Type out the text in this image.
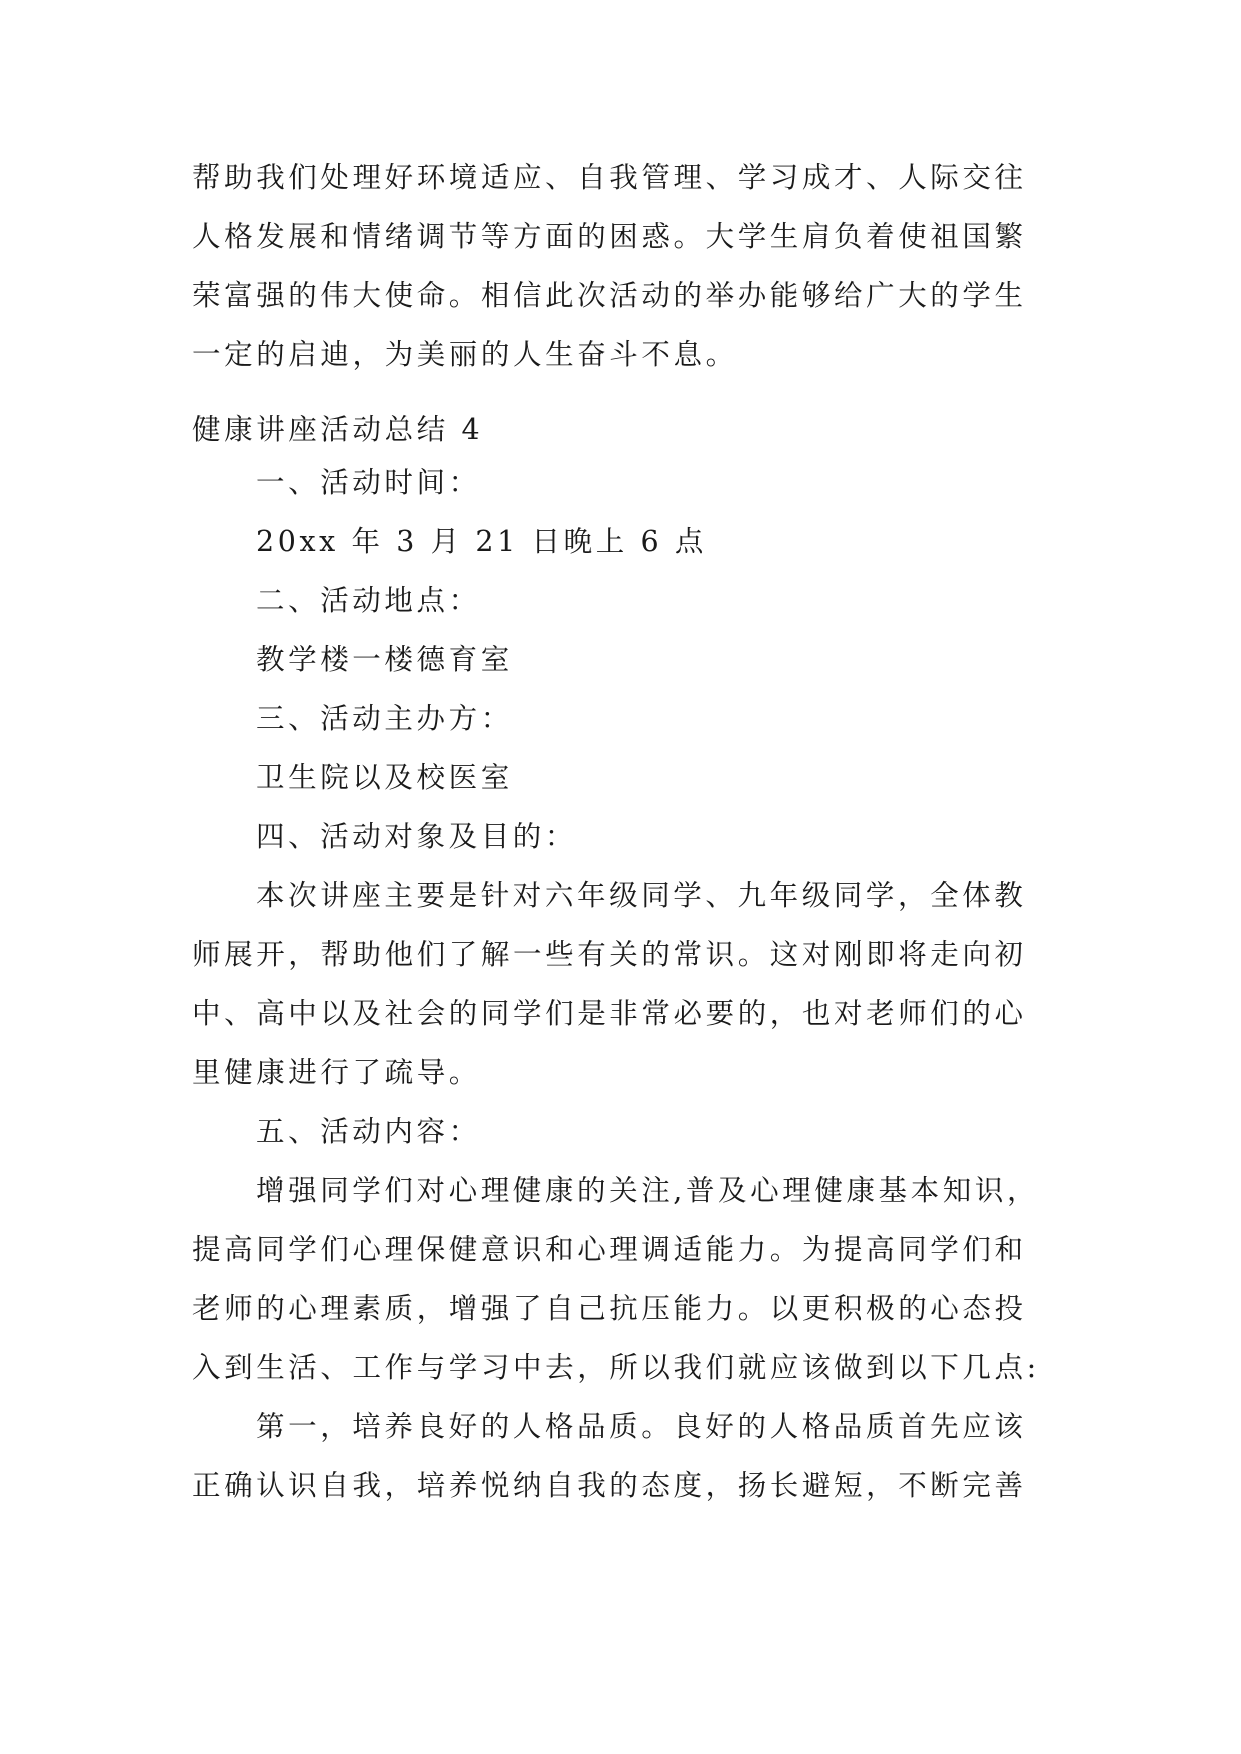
帮助我们处理好环境适应、自我管理、学习成才、人际交往
人格发展和情绪调节等方面的困惑。大学生肩负着使祖国繁
荣富强的伟大使命。相信此次活动的举办能够给广大的学生
一定的启迪，为美丽的人生奋斗不息。
健康讲座活动总结 4
一、活动时间：
20xx 年 3 月 21 日晚上 6 点
二、活动地点：
教学楼一楼德育室
三、活动主办方：
卫生院以及校医室
四、活动对象及目的：
本次讲座主要是针对六年级同学、九年级同学，全体教
师展开，帮助他们了解一些有关的常识。这对刚即将走向初
中、高中以及社会的同学们是非常必要的，也对老师们的心
里健康进行了疏导。
五、活动内容：
增强同学们对心理健康的关注,普及心理健康基本知识，
提高同学们心理保健意识和心理调适能力。为提高同学们和
老师的心理素质，增强了自己抗压能力。以更积极的心态投
入到生活、工作与学习中去，所以我们就应该做到以下几点:
第一，培养良好的人格品质。良好的人格品质首先应该
正确认识自我，培养悦纳自我的态度，扬长避短，不断完善
